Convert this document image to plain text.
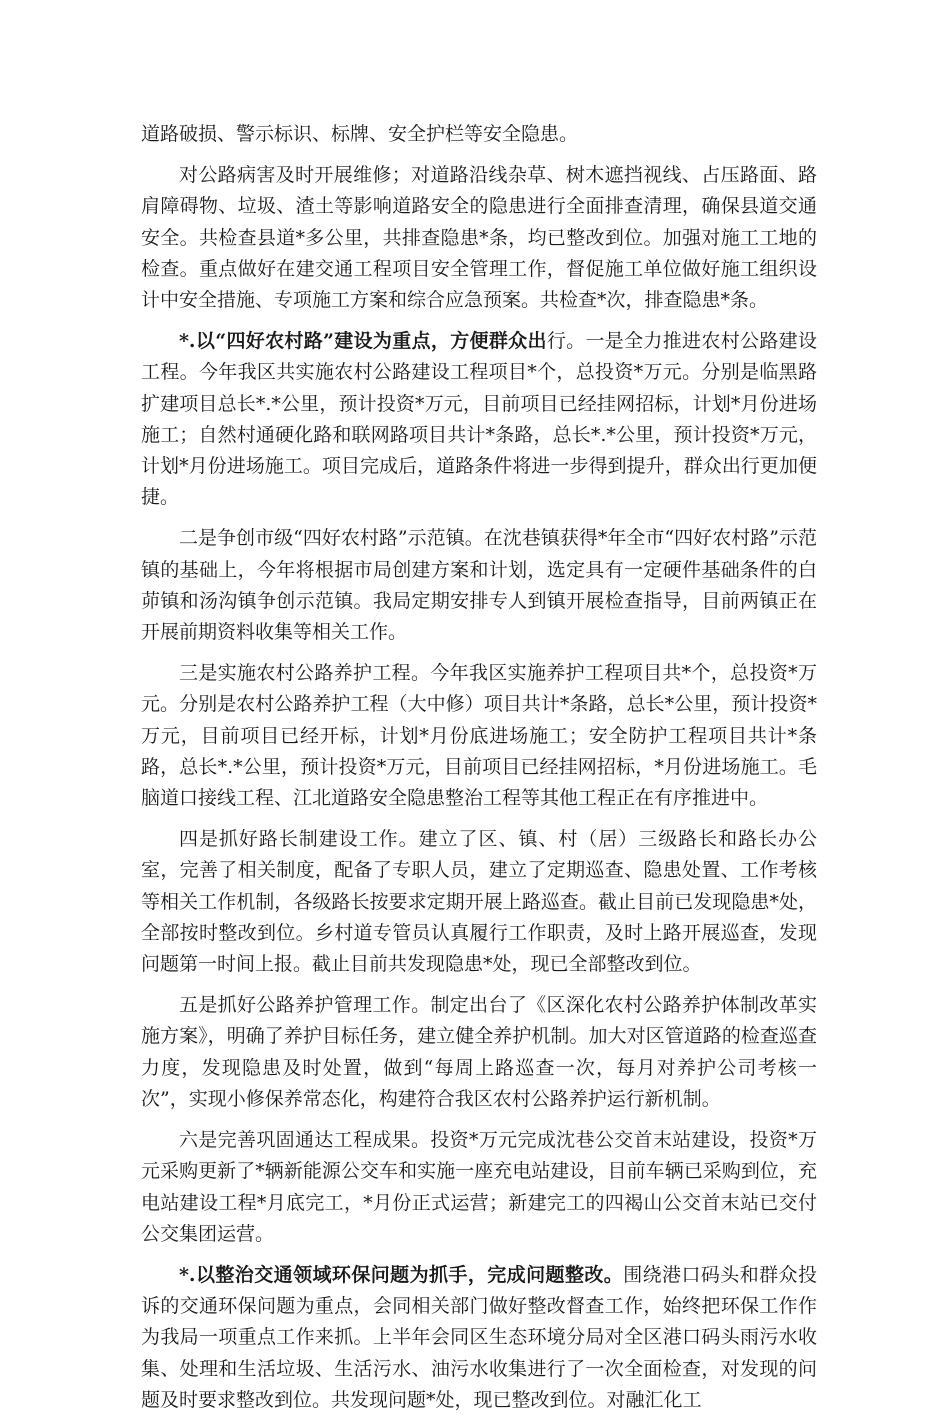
道路破损、警示标识、标牌、安全护栏等安全隐患。

对公路病害及时开展维修；对道路沿线杂草、树木遮挡视线、占压路面、路肩障碍物、垃圾、渣土等影响道路安全的隐患进行全面排查清理，确保县道交通安全。共检查县道*多公里，共排查隐患*条，均已整改到位。加强对施工工地的检查。重点做好在建交通工程项目安全管理工作，督促施工单位做好施工组织设计中安全措施、专项施工方案和综合应急预案。共检查*次，排查隐患*条。

*.以“四好农村路”建设为重点，方便群众出行。一是全力推进农村公路建设工程。今年我区共实施农村公路建设工程项目*个，总投资*万元。分别是临黑路扩建项目总长*.*公里，预计投资*万元，目前项目已经挂网招标，计划*月份进场施工；自然村通硬化路和联网路项目共计*条路，总长*.*公里，预计投资*万元，计划*月份进场施工。项目完成后，道路条件将进一步得到提升，群众出行更加便捷。

二是争创市级“四好农村路”示范镇。在沈巷镇获得*年全市“四好农村路”示范镇的基础上，今年将根据市局创建方案和计划，选定具有一定硬件基础条件的白茆镇和汤沟镇争创示范镇。我局定期安排专人到镇开展检查指导，目前两镇正在开展前期资料收集等相关工作。

三是实施农村公路养护工程。今年我区实施养护工程项目共*个，总投资*万元。分别是农村公路养护工程（大中修）项目共计*条路，总长*公里，预计投资*万元，目前项目已经开标，计划*月份底进场施工；安全防护工程项目共计*条路，总长*.*公里，预计投资*万元，目前项目已经挂网招标，*月份进场施工。毛脑道口接线工程、江北道路安全隐患整治工程等其他工程正在有序推进中。

四是抓好路长制建设工作。建立了区、镇、村（居）三级路长和路长办公室，完善了相关制度，配备了专职人员，建立了定期巡查、隐患处置、工作考核等相关工作机制，各级路长按要求定期开展上路巡查。截止目前已发现隐患*处，全部按时整改到位。乡村道专管员认真履行工作职责，及时上路开展巡查，发现问题第一时间上报。截止目前共发现隐患*处，现已全部整改到位。

五是抓好公路养护管理工作。制定出台了《区深化农村公路养护体制改革实施方案》，明确了养护目标任务，建立健全养护机制。加大对区管道路的检查巡查力度，发现隐患及时处置，做到“每周上路巡查一次，每月对养护公司考核一次”，实现小修保养常态化，构建符合我区农村公路养护运行新机制。

六是完善巩固通达工程成果。投资*万元完成沈巷公交首末站建设，投资*万元采购更新了*辆新能源公交车和实施一座充电站建设，目前车辆已采购到位，充电站建设工程*月底完工，*月份正式运营；新建完工的四褐山公交首末站已交付公交集团运营。

*.以整治交通领域环保问题为抓手，完成问题整改。围绕港口码头和群众投诉的交通环保问题为重点，会同相关部门做好整改督查工作，始终把环保工作作为我局一项重点工作来抓。上半年会同区生态环境分局对全区港口码头雨污水收集、处理和生活垃圾、生活污水、油污水收集进行了一次全面检查，对发现的问题及时要求整改到位。共发现问题*处，现已整改到位。对融汇化工
